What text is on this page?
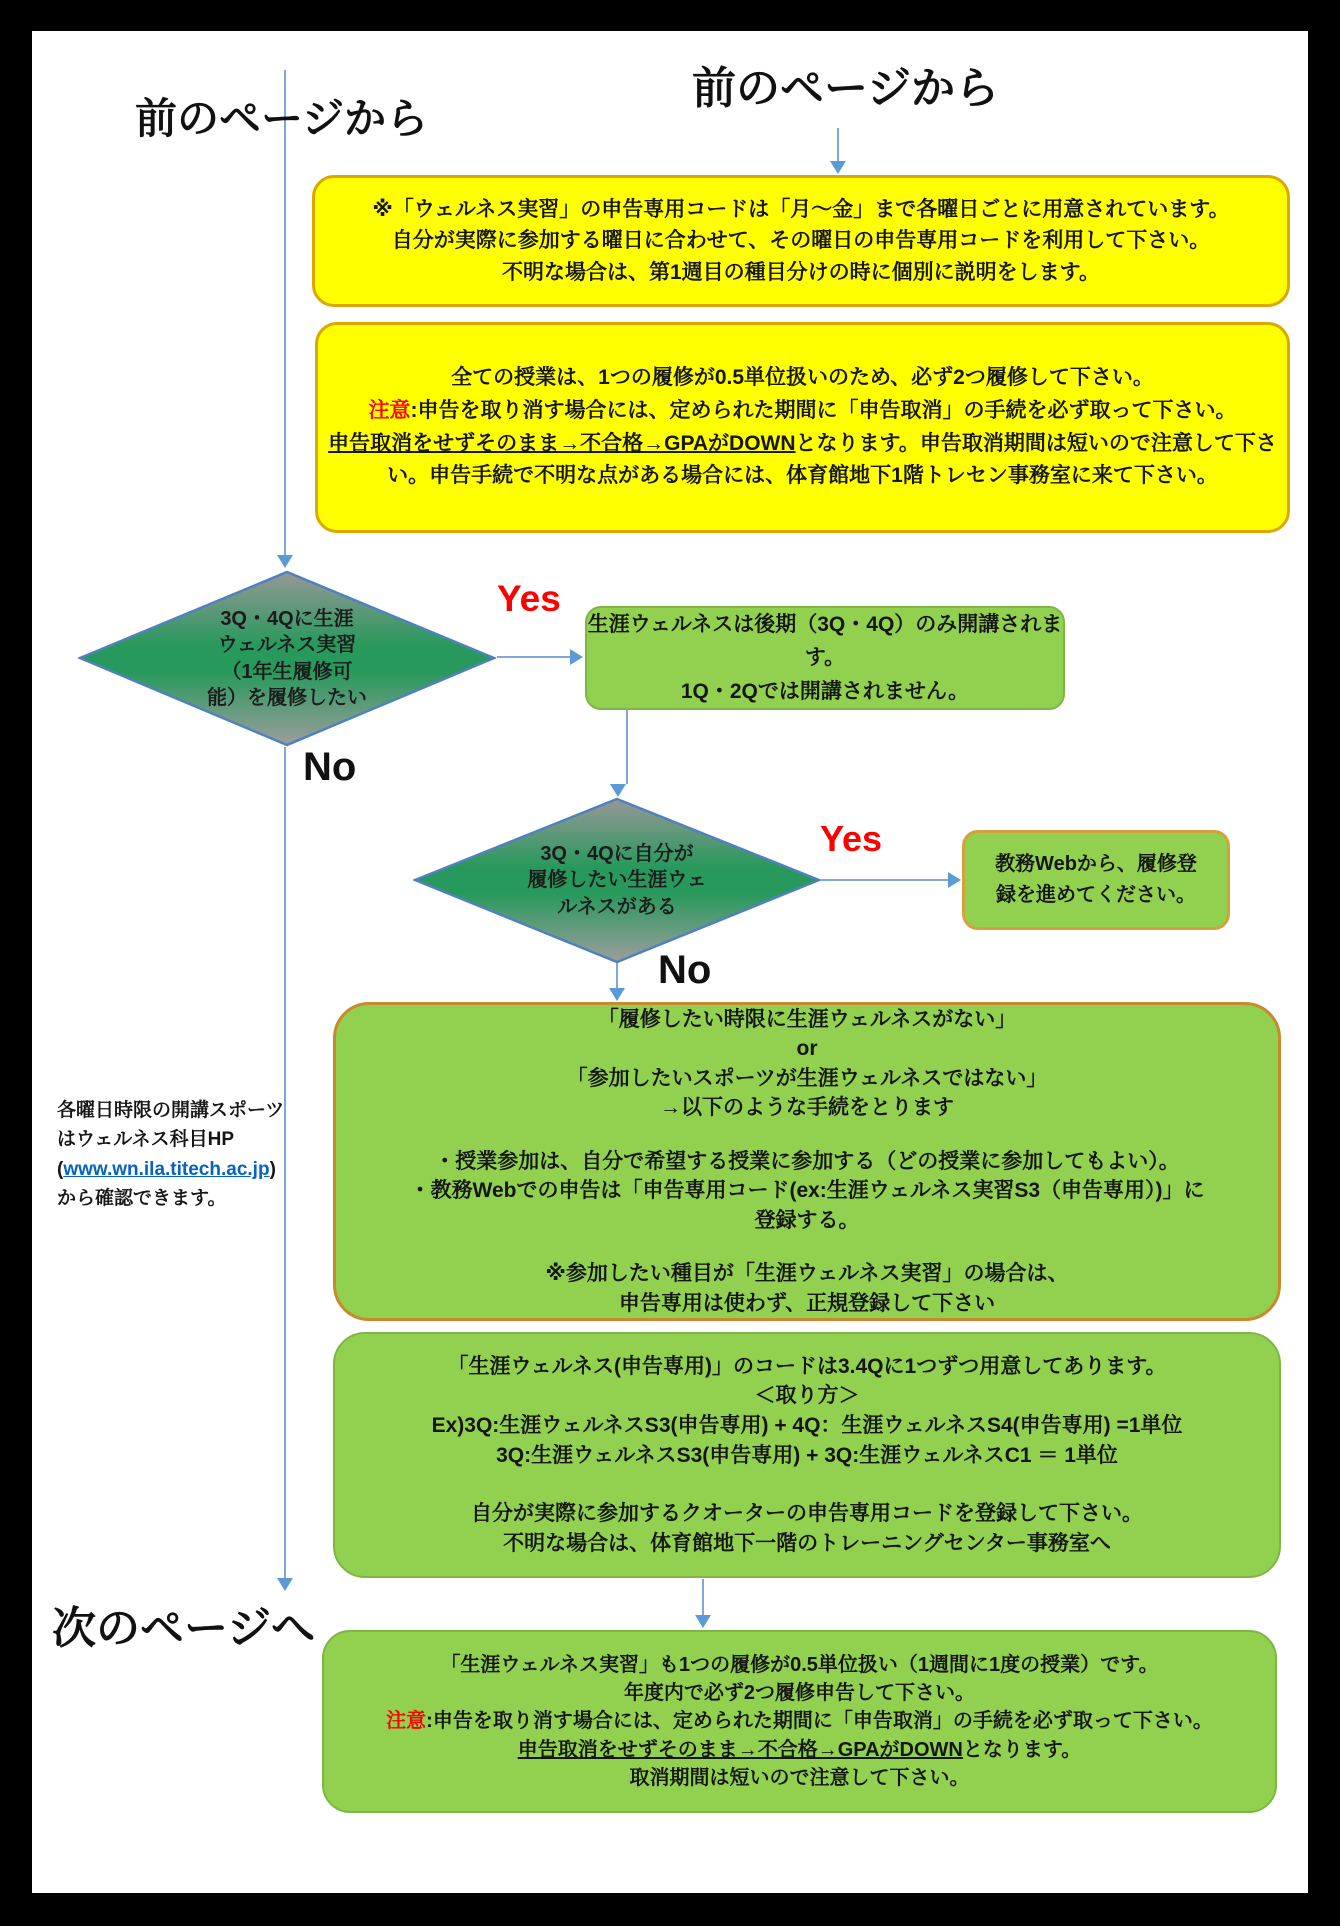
前のページから
前のページから
※「ウェルネス実習」の申告専用コードは「月～金」まで各曜日ごとに用意されています。
自分が実際に参加する曜日に合わせて、その曜日の申告専用コードを利用して下さい。
不明な場合は、第1週目の種目分けの時に個別に説明をします。
全ての授業は、1つの履修が0.5単位扱いのため、必ず2つ履修して下さい。
注意:申告を取り消す場合には、定められた期間に「申告取消」の手続を必ず取って下さい。
申告取消をせずそのまま→不合格→GPAがDOWNとなります。申告取消期間は短いので注意して下さい。申告手続で不明な点がある場合には、体育館地下1階トレセン事務室に来て下さい。
3Q・4Qに生涯
ウェルネス実習
（1年生履修可
能）を履修したい
Yes
生涯ウェルネスは後期（3Q・4Q）のみ開講されます。
1Q・2Qでは開講されません。
No
3Q・4Qに自分が
履修したい生涯ウェ
ルネスがある
Yes
教務Webから、履修登
録を進めてください。
No
「履修したい時限に生涯ウェルネスがない」
or
「参加したいスポーツが生涯ウェルネスではない」
→以下のような手続をとります
・授業参加は、自分で希望する授業に参加する（どの授業に参加してもよい）。
・教務Webでの申告は「申告専用コード(ex:生涯ウェルネス実習S3（申告専用）)」に
登録する。
※参加したい種目が「生涯ウェルネス実習」の場合は、
申告専用は使わず、正規登録して下さい
各曜日時限の開講スポーツ
はウェルネス科目HP
(www.wn.ila.titech.ac.jp)
から確認できます。
「生涯ウェルネス(申告専用)」のコードは3.4Qに1つずつ用意してあります。
＜取り方＞
Ex)3Q:生涯ウェルネスS3(申告専用) + 4Q：生涯ウェルネスS4(申告専用) =1単位
3Q:生涯ウェルネスS3(申告専用) + 3Q:生涯ウェルネスC1 ＝ 1単位
自分が実際に参加するクオーターの申告専用コードを登録して下さい。
不明な場合は、体育館地下一階のトレーニングセンター事務室へ
「生涯ウェルネス実習」も1つの履修が0.5単位扱い（1週間に1度の授業）です。
年度内で必ず2つ履修申告して下さい。
注意:申告を取り消す場合には、定められた期間に「申告取消」の手続を必ず取って下さい。
申告取消をせずそのまま→不合格→GPAがDOWNとなります。
取消期間は短いので注意して下さい。
次のページへ
